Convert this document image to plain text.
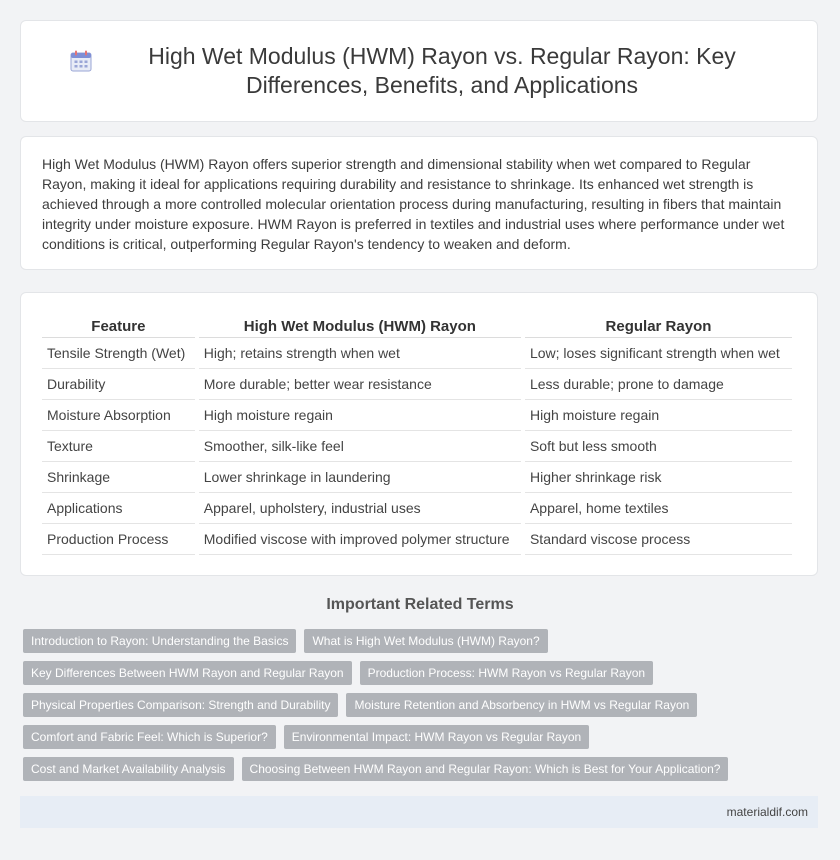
High Wet Modulus (HWM) Rayon vs. Regular Rayon: Key Differences, Benefits, and Applications

High Wet Modulus (HWM) Rayon offers superior strength and dimensional stability when wet compared to Regular Rayon, making it ideal for applications requiring durability and resistance to shrinkage. Its enhanced wet strength is achieved through a more controlled molecular orientation process during manufacturing, resulting in fibers that maintain integrity under moisture exposure. HWM Rayon is preferred in textiles and industrial uses where performance under wet conditions is critical, outperforming Regular Rayon's tendency to weaken and deform.

Feature	High Wet Modulus (HWM) Rayon	Regular Rayon
Tensile Strength (Wet)	High; retains strength when wet	Low; loses significant strength when wet
Durability	More durable; better wear resistance	Less durable; prone to damage
Moisture Absorption	High moisture regain	High moisture regain
Texture	Smoother, silk-like feel	Soft but less smooth
Shrinkage	Lower shrinkage in laundering	Higher shrinkage risk
Applications	Apparel, upholstery, industrial uses	Apparel, home textiles
Production Process	Modified viscose with improved polymer structure	Standard viscose process
Important Related Terms
Introduction to Rayon: Understanding the Basics	What is High Wet Modulus (HWM) Rayon?
Key Differences Between HWM Rayon and Regular Rayon	Production Process: HWM Rayon vs Regular Rayon
Physical Properties Comparison: Strength and Durability	Moisture Retention and Absorbency in HWM vs Regular Rayon
Comfort and Fabric Feel: Which is Superior?	Environmental Impact: HWM Rayon vs Regular Rayon
Cost and Market Availability Analysis	Choosing Between HWM Rayon and Regular Rayon: Which is Best for Your Application?
materialdif.com
